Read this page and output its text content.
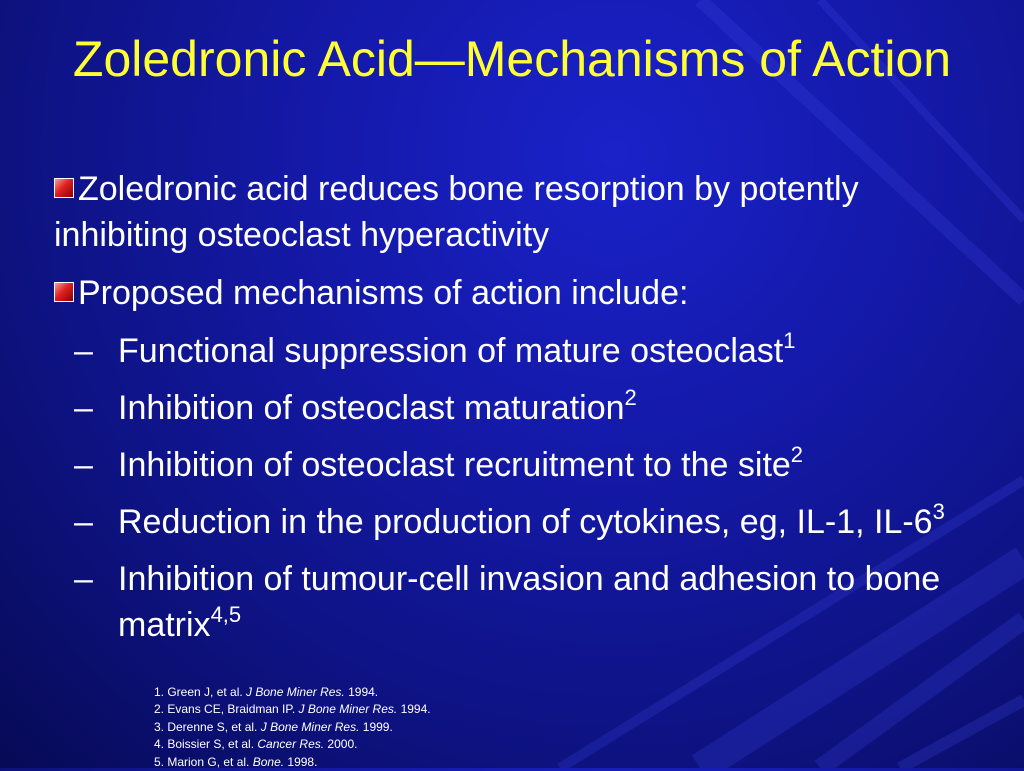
Zoledronic Acid—Mechanisms of Action
Zoledronic acid reduces bone resorption by potently inhibiting osteoclast hyperactivity
Proposed mechanisms of action include:
– Functional suppression of mature osteoclast$^1$
– Inhibition of osteoclast maturation$^2$
– Inhibition of osteoclast recruitment to the site$^2$
– Reduction in the production of cytokines, eg, IL-1, $IL-6^3$
– Inhibition of tumour-cell invasion and adhesion to bone matrix$^{4,5}$
1. Green J, et al. J Bone Miner Res. 1994.
2. Evans CE, Braidman IP. J Bone Miner Res. 1994.
3. Derenne S, et al. J Bone Miner Res. 1999.
4. Boissier S, et al. Cancer Res. 2000.
5. Marion G, et al. Bone. 1998.
